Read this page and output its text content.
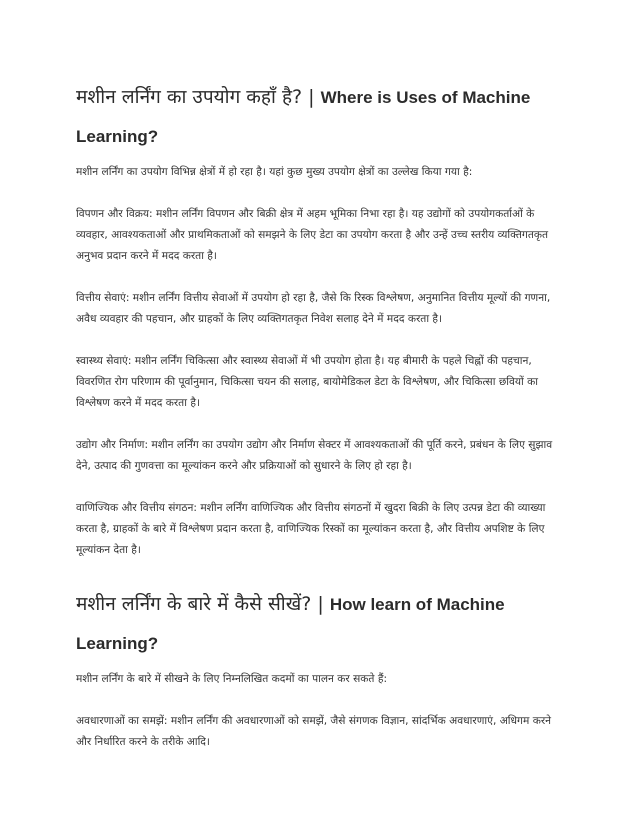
मशीन लर्निंग का उपयोग कहाँ है? | Where is Uses of Machine Learning?

मशीन लर्निंग का उपयोग विभिन्न क्षेत्रों में हो रहा है। यहां कुछ मुख्य उपयोग क्षेत्रों का उल्लेख किया गया है:

विपणन और विक्रय: मशीन लर्निंग विपणन और बिक्री क्षेत्र में अहम भूमिका निभा रहा है। यह उद्योगों को उपयोगकर्ताओं के व्यवहार, आवश्यकताओं और प्राथमिकताओं को समझने के लिए डेटा का उपयोग करता है और उन्हें उच्च स्तरीय व्यक्तिगतकृत अनुभव प्रदान करने में मदद करता है।

वित्तीय सेवाएं: मशीन लर्निंग वित्तीय सेवाओं में उपयोग हो रहा है, जैसे कि रिस्क विश्लेषण, अनुमानित वित्तीय मूल्यों की गणना, अवैध व्यवहार की पहचान, और ग्राहकों के लिए व्यक्तिगतकृत निवेश सलाह देने में मदद करता है।

स्वास्थ्य सेवाएं: मशीन लर्निंग चिकित्सा और स्वास्थ्य सेवाओं में भी उपयोग होता है। यह बीमारी के पहले चिह्नों की पहचान, विवरणित रोग परिणाम की पूर्वानुमान, चिकित्सा चयन की सलाह, बायोमेडिकल डेटा के विश्लेषण, और चिकित्सा छवियों का विश्लेषण करने में मदद करता है।

उद्योग और निर्माण: मशीन लर्निंग का उपयोग उद्योग और निर्माण सेक्टर में आवश्यकताओं की पूर्ति करने, प्रबंधन के लिए सुझाव देने, उत्पाद की गुणवत्ता का मूल्यांकन करने और प्रक्रियाओं को सुधारने के लिए हो रहा है।

वाणिज्यिक और वित्तीय संगठन: मशीन लर्निंग वाणिज्यिक और वित्तीय संगठनों में खुदरा बिक्री के लिए उत्पन्न डेटा की व्याख्या करता है, ग्राहकों के बारे में विश्लेषण प्रदान करता है, वाणिज्यिक रिस्कों का मूल्यांकन करता है, और वित्तीय अपशिष्ट के लिए मूल्यांकन देता है।

मशीन लर्निंग के बारे में कैसे सीखें? | How learn of Machine Learning?

मशीन लर्निंग के बारे में सीखने के लिए निम्नलिखित कदमों का पालन कर सकते हैं:

अवधारणाओं का समझें: मशीन लर्निंग की अवधारणाओं को समझें, जैसे संगणक विज्ञान, सांदर्भिक अवधारणाएं, अधिगम करने और निर्धारित करने के तरीके आदि।
